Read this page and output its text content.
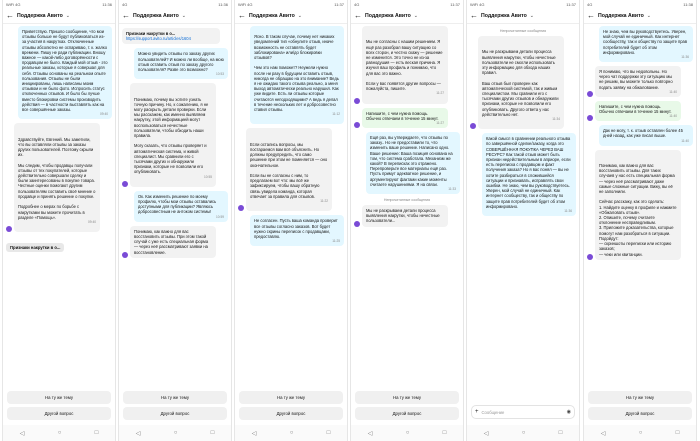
WiFi 4G	11:36
← Поддержка Авито ⌄
Приветствую. Пришло сообщение, что мои отзывы больше не будут публиковаться из-за участия в накрутках. Отключенные отзывы абсолютно не оспариваю, т. к. жалко времени. Пишу не ради публикации. Вношу важное — какой-либо договорённости с продавцом не было. Каждый мой отзыв - это реальные заказы, которые я совершал для себя. Отзывы основаны на реальном опыте пользования. Отзывы не были инициированы, лишь написаны моим отзывом и не было фото. Испросить статус отключенных отзывов. И было бы лучше вместо блокировки системы производить действия — в частности выставлять как на все совершённые заказы.
09:40

Здравствуйте, Евгений. Мы заметили, что вы оставляли отзывы за заказы других пользователей. Поэтому скрыли их.

Мы следим, чтобы продавцы получали отзывы от тех покупателей, которые действительно совершали сделку и были заинтересованы в покупке товара. Честные оценки помогают другим пользователям составить своё мнение о продавце и принять решение о покупке.

Подробнее о мерах по борьбе с накрутками вы можете прочитать в разделе «Помощь».

09:40

Признаки накрутки в о...
На ту же тему
Другой вопрос
◁	○	□
4G	11:36
← Поддержка Авито ⌄
Признаки накрутки в о...
https://support.avito.ru/articles/1604
Можно увидеть отзывы по заказу других пользователей? И можно ли вообще, на мою отзыв оставить отзыв по заказу другого пользователя? Разве это возможно?
10:53

Понимаю, почему вы хотите узнать точную причину. Но, к сожалению, я не могу раскрыть детали проверки. Если мы расскажем, как именно выявляем накрутку, этой информацией могут воспользоваться нечестные пользователи, чтобы обходить наши правила.

Могу сказать, что отзывы проверяет и автоматическая система, и живой специалист. Мы сравнили его с тысячами других и обнаружили признаки, которые не позволили его опубликовать.

10:55

Ок. Как изменить решение по моему профилю, чтобы мои отзывы оставались доступными для публикации? Являюсь добросовестным не антоком системы!
10:59
Понимаю, как важно для вас восстановить отзывы. При этом такой случай с уже есть специальная форма — через неё рассматривают заявки на восстановление.
На ту же тему
Другой вопрос
◁	○	□
WiFi 4G	11:37
← Поддержка Авито ⌄

Ясно. В таком случае, почему нет никаких уведомлений тип «обнулите отзыв, иначе возможность не оставлять будет заблокирована» или/до блокировки отзывов?

Чем это нам поможет? Неужели нужно после ни разу в будущем оставить отзыв, никогда не обращаю на это внимание? Ведь я не ожидаю такого отзыва реально, а меня выход автоматически реально нарушил. Как уже видите. Есть ли отзывы которые считаются неподходящими? А ведь я делал в течение нескольких лет и добросовестно ставил отзывы.

11:12

Если остались вопросы, мы постараемся вам всё объяснить. Но должны предупредить, что само решение при этом не поменяется — оно окончательное.

Если вы не согласны с ним, то предлагаем вот что: мы всё же зафиксируем, чтобы вашу обратную связь увидела команда, которая отвечает за правила для отзывов.

11:22

Не согласен. Пусть ваша команда проверит все отзывы согласно заказов. Вот будет нужно скрины переписок с продавцами, предоставлю.
11:25
На ту же тему
Другой вопрос
◁	○	□
4G	11:37
← Поддержка Авито ⌄

Мы не согласны с нашим решением. Я ещё раз разобрал вашу ситуацию со всех сторон, и честно скажу — решение не изменится. Это точно не из-за равнодушия — есть веская причина. Я изучил ваш профиль и понимаю, что для вас это важно.

Если у вас появятся другие вопросы — пожалуйста, пишите.

11:27

Напишите, с чем нужна помощь. Обычно отвечаем в течение 15 минут.
11:27
Ещё раз, вы утверждаете, что отзывы по заказу.. Но не предоставили то, что изменить ваше решение. Написано одно. Ваше решение: Ваша позиция основана на том, что система сработала. Механизм же какой? В переписках это отражено. Перепроверьте все материалы ещё раз. Пусть примут адекватное решение, и аргументируют фактами какие моменты считаете нарушениями. Я на связи.
11:33
Непрочитанные сообщения
Мы не раскрываем детали процесса выявления накрутки, чтобы нечестные пользователи...
На ту же тему
Другой вопрос
◁	○	□
WiFi 4G	11:37
← Поддержка Авито ⌄
Непрочитанные сообщения

Мы не раскрываем детали процесса выявления накрутки, чтобы нечестные пользователи не смогли использовать эту информацию для обхода наших правил.

Ваш отзыв был проверен как автоматической системой, так и живым специалистом. Мы сравнили его с тысячами других отзывов и обнаружили признаки, которые не позволили его опубликовать. Другого ответа у нас действительно нет.

11:34

Какой смысл в сравнении реального отзыва по завершённой сделке/заказу, когда это СОВЕРШЁННАЯ ПОКУПКА ЧЕРЕЗ ВАШ РЕСУРС? Как такой отзыв может быть признан недействительным в априоре, если есть переписка с продавцом и факт получения заказа? Но я вас понял — вы не хотите разбираться в сложившейся ситуации и признавать, исправлять свои ошибки. Не знаю, чем вы руководствуетесь. Уверен, мой случай не единичный. Как интернет сообществу, так и обществу по защите прав потребителей будет об этом информировано.
11:36
+ Сообщение	◉
◁	○	□
4G	11:38
← Поддержка Авито ⌄
Не знаю, чем вы руководствуетесь. Уверен, мой случай не единичный. Как интернет сообществу, так и обществу по защите прав потребителей будет об этом информировано.
11:36
Я понимаю, что вы недовольны. Но через чат поддержки эту ситуацию мы не решим, вы можете только повторно подать заявку на обжалование.
11:40
Напишите, с чем нужна помощь. Обычно отвечаем в течение 15 минут.
11:40
Дак не могу, т. к. отзыв оставлен более 45 дней назад, как уже писал выше.
11:40

Понимаю, как важно для вас восстановить отзывы. Для таких случаев у нас есть специальная форма — через неё рассматривают даже самые сложные ситуации. Вижу, вы её не заполнили.

Сейчас расскажу, как это сделать:
1. Найдите оценку в профиле и нажмите «Обжаловать отзыв».
2. Опишите, почему считаете отклонение несправедливым.
3. Приложите доказательства, которые помогут нам разобраться в ситуации. Подойдут:
— скриншоты переписки или историю заказов;
— чеки или квитанции.

На ту же тему
Другой вопрос
◁	○	□
